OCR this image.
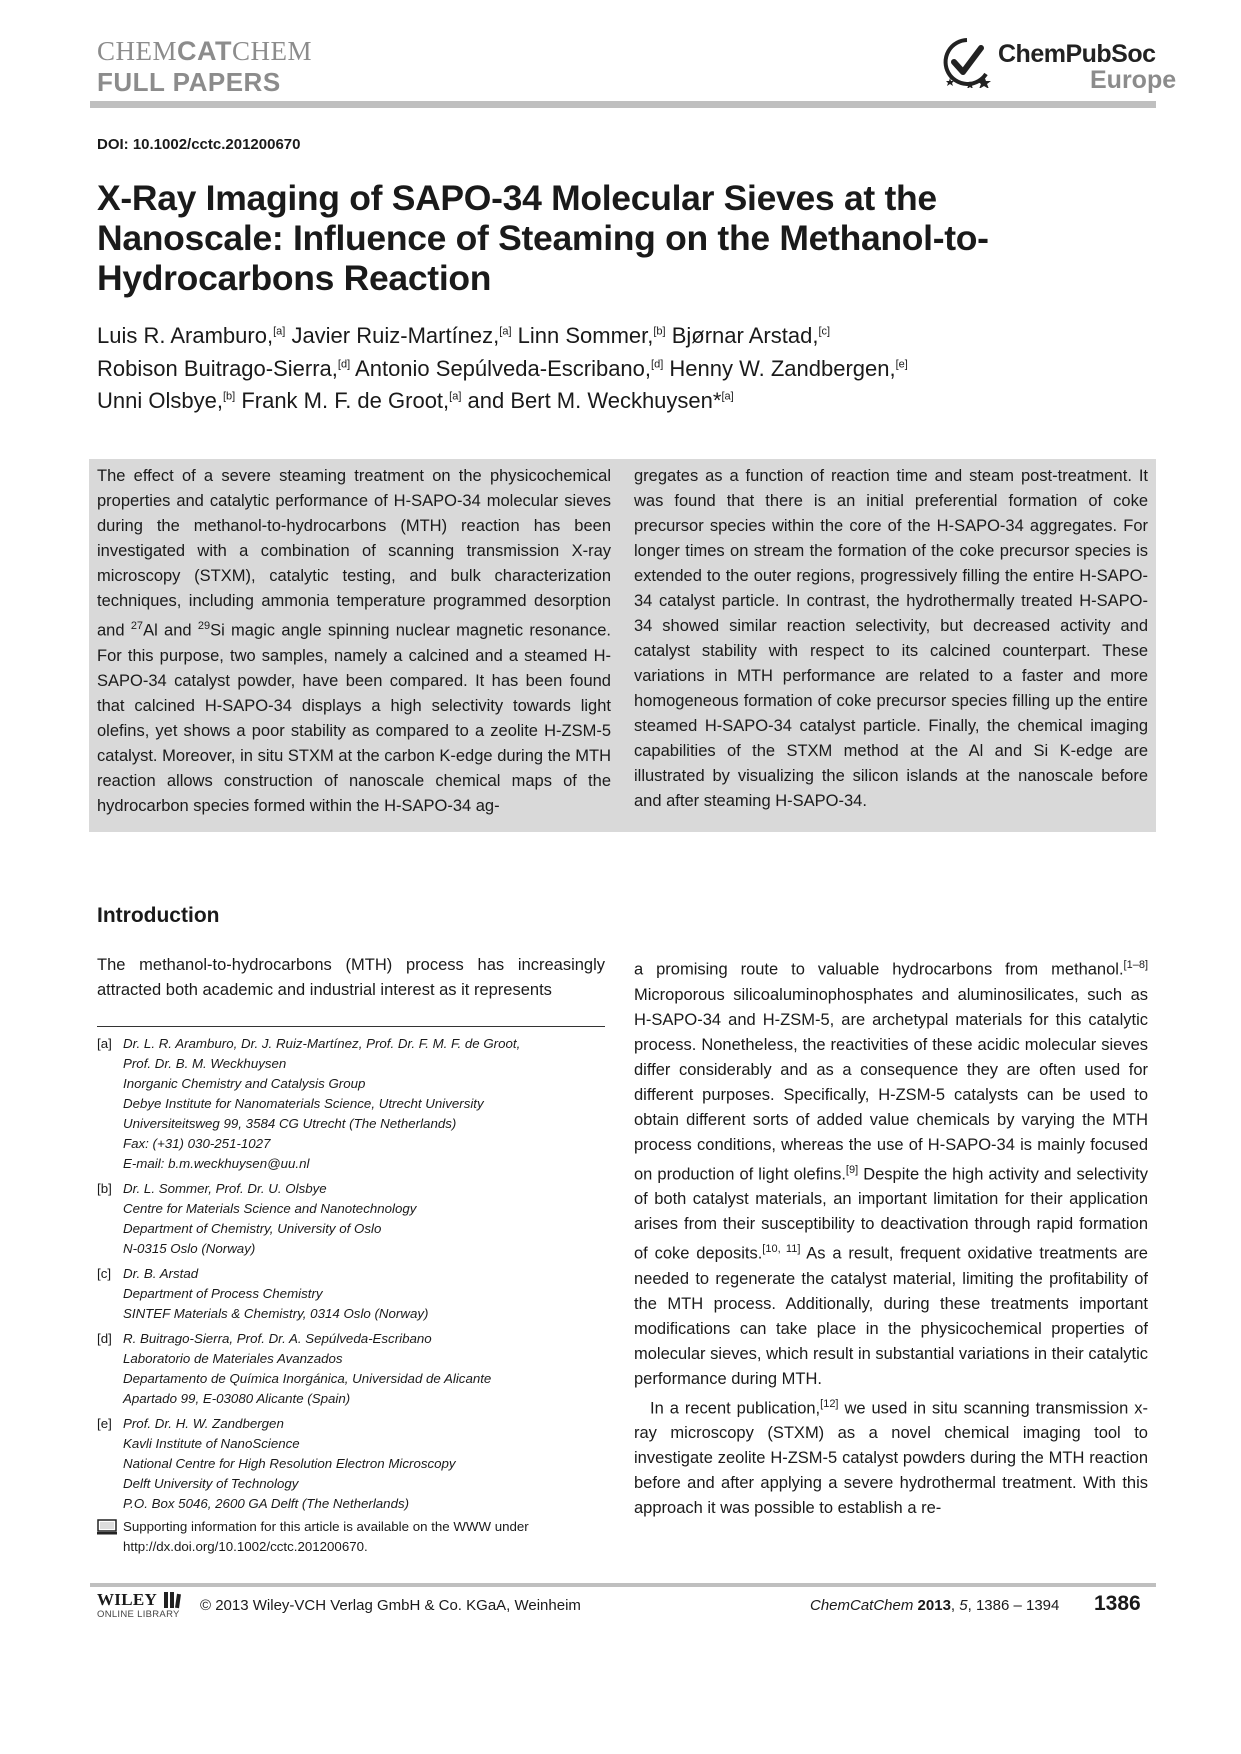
CHEMCATCHEM
FULL PAPERS
ChemPubSoc
Europe
DOI: 10.1002/cctc.201200670
X-Ray Imaging of SAPO-34 Molecular Sieves at the Nanoscale: Influence of Steaming on the Methanol-to-Hydrocarbons Reaction
Luis R. Aramburo,[a] Javier Ruiz-Martínez,[a] Linn Sommer,[b] Bjørnar Arstad,[c]
Robison Buitrago-Sierra,[d] Antonio Sepúlveda-Escribano,[d] Henny W. Zandbergen,[e]
Unni Olsbye,[b] Frank M. F. de Groot,[a] and Bert M. Weckhuysen*[a]
The effect of a severe steaming treatment on the physicochemical properties and catalytic performance of H-SAPO-34 molecular sieves during the methanol-to-hydrocarbons (MTH) reaction has been investigated with a combination of scanning transmission X-ray microscopy (STXM), catalytic testing, and bulk characterization techniques, including ammonia temperature programmed desorption and $^{27}$Al and $^{29}$Si magic angle spinning nuclear magnetic resonance. For this purpose, two samples, namely a calcined and a steamed H-SAPO-34 catalyst powder, have been compared. It has been found that calcined H-SAPO-34 displays a high selectivity towards light olefins, yet shows a poor stability as compared to a zeolite H-ZSM-5 catalyst. Moreover, in situ STXM at the carbon K-edge during the MTH reaction allows construction of nanoscale chemical maps of the hydrocarbon species formed within the H-SAPO-34 ag-
gregates as a function of reaction time and steam post-treatment. It was found that there is an initial preferential formation of coke precursor species within the core of the H-SAPO-34 aggregates. For longer times on stream the formation of the coke precursor species is extended to the outer regions, progressively filling the entire H-SAPO-34 catalyst particle. In contrast, the hydrothermally treated H-SAPO-34 showed similar reaction selectivity, but decreased activity and catalyst stability with respect to its calcined counterpart. These variations in MTH performance are related to a faster and more homogeneous formation of coke precursor species filling up the entire steamed H-SAPO-34 catalyst particle. Finally, the chemical imaging capabilities of the STXM method at the Al and Si K-edge are illustrated by visualizing the silicon islands at the nanoscale before and after steaming H-SAPO-34.
Introduction
The methanol-to-hydrocarbons (MTH) process has increasingly attracted both academic and industrial interest as it represents

a promising route to valuable hydrocarbons from methanol.[1–8] Microporous silicoaluminophosphates and aluminosilicates, such as H-SAPO-34 and H-ZSM-5, are archetypal materials for this catalytic process. Nonetheless, the reactivities of these acidic molecular sieves differ considerably and as a consequence they are often used for different purposes. Specifically, H-ZSM-5 catalysts can be used to obtain different sorts of added value chemicals by varying the MTH process conditions, whereas the use of H-SAPO-34 is mainly focused on production of light olefins.[9] Despite the high activity and selectivity of both catalyst materials, an important limitation for their application arises from their susceptibility to deactivation through rapid formation of coke deposits.[10, 11] As a result, frequent oxidative treatments are needed to regenerate the catalyst material, limiting the profitability of the MTH process. Additionally, during these treatments important modifications can take place in the physicochemical properties of molecular sieves, which result in substantial variations in their catalytic performance during MTH.

In a recent publication,[12] we used in situ scanning transmission x-ray microscopy (STXM) as a novel chemical imaging tool to investigate zeolite H-ZSM-5 catalyst powders during the MTH reaction before and after applying a severe hydrothermal treatment. With this approach it was possible to establish a re-

[a] Dr. L. R. Aramburo, Dr. J. Ruiz-Martínez, Prof. Dr. F. M. F. de Groot,
Prof. Dr. B. M. Weckhuysen
Inorganic Chemistry and Catalysis Group
Debye Institute for Nanomaterials Science, Utrecht University
Universiteitsweg 99, 3584 CG Utrecht (The Netherlands)
Fax: (+31) 030-251-1027
E-mail: b.m.weckhuysen@uu.nl
[b] Dr. L. Sommer, Prof. Dr. U. Olsbye
Centre for Materials Science and Nanotechnology
Department of Chemistry, University of Oslo
N-0315 Oslo (Norway)
[c] Dr. B. Arstad
Department of Process Chemistry
SINTEF Materials & Chemistry, 0314 Oslo (Norway)
[d] R. Buitrago-Sierra, Prof. Dr. A. Sepúlveda-Escribano
Laboratorio de Materiales Avanzados
Departamento de Química Inorgánica, Universidad de Alicante
Apartado 99, E-03080 Alicante (Spain)
[e] Prof. Dr. H. W. Zandbergen
Kavli Institute of NanoScience
National Centre for High Resolution Electron Microscopy
Delft University of Technology
P.O. Box 5046, 2600 GA Delft (The Netherlands)
Supporting information for this article is available on the WWW under http://dx.doi.org/10.1002/cctc.201200670.
WILEY
ONLINE LIBRARY
© 2013 Wiley-VCH Verlag GmbH & Co. KGaA, Weinheim	ChemCatChem 2013, 5, 1386 – 1394 1386
